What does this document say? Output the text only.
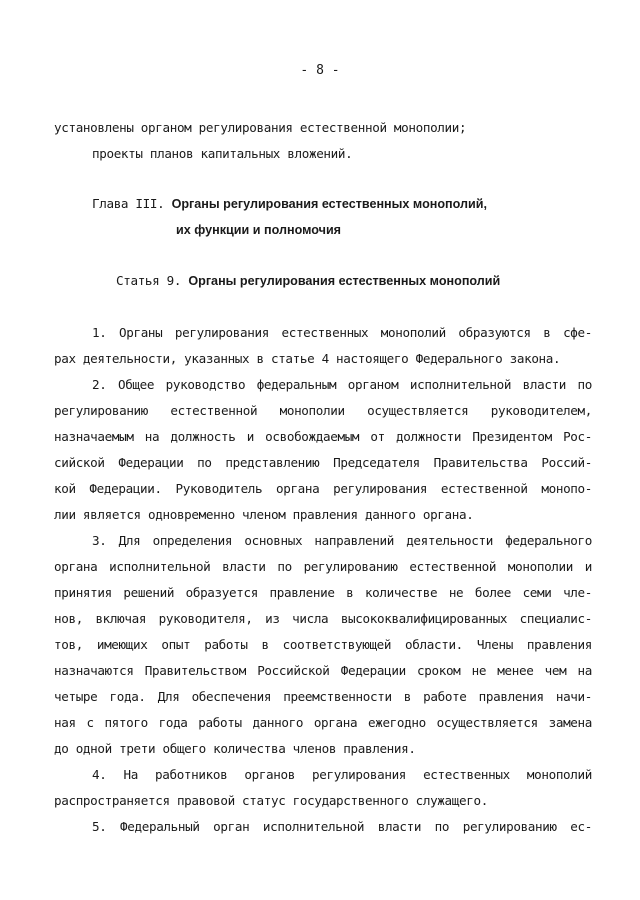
- 8 -
установлены органом регулирования естественной монополии;
проекты планов капитальных вложений.
Глава III. Органы регулирования естественных монополий,
их функции и полномочия
Статья 9. Органы регулирования естественных монополий
1. Органы регулирования естественных монополий образуются в сфе-
рах деятельности, указанных в статье 4 настоящего Федерального закона.
2. Общее руководство федеральным органом исполнительной власти по
регулированию естественной монополии осуществляется руководителем,
назначаемым на должность и освобождаемым от должности Президентом Рос-
сийской Федерации по представлению Председателя Правительства Россий-
кой Федерации. Руководитель органа регулирования естественной монопо-
лии является одновременно членом правления данного органа.
3. Для определения основных направлений деятельности федерального
органа исполнительной власти по регулированию естественной монополии и
принятия решений образуется правление в количестве не более семи чле-
нов, включая руководителя, из числа высококвалифицированных специалис-
тов, имеющих опыт работы в соответствующей области. Члены правления
назначаются Правительством Российской Федерации сроком не менее чем на
четыре года. Для обеспечения преемственности в работе правления начи-
ная с пятого года работы данного органа ежегодно осуществляется замена
до одной трети общего количества членов правления.
4. На работников органов регулирования естественных монополий
распространяется правовой статус государственного служащего.
5. Федеральный орган исполнительной власти по регулированию ес-
